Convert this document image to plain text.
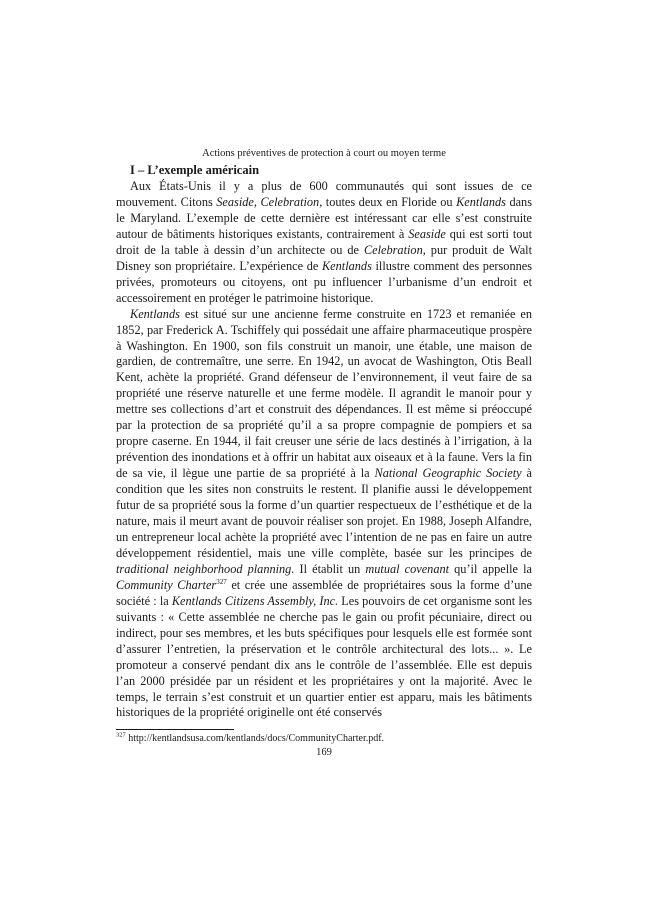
Actions préventives de protection à court ou moyen terme
I – L’exemple américain

Aux États-Unis il y a plus de 600 communautés qui sont issues de ce mouvement. Citons Seaside, Celebration, toutes deux en Floride ou Kentlands dans le Maryland. L’exemple de cette dernière est intéressant car elle s’est construite autour de bâtiments historiques existants, contrairement à Seaside qui est sorti tout droit de la table à dessin d’un architecte ou de Celebration, pur produit de Walt Disney son propriétaire. L’expérience de Kentlands illustre comment des personnes privées, promoteurs ou citoyens, ont pu influencer l’urbanisme d’un endroit et accessoirement en protéger le patrimoine historique.

Kentlands est situé sur une ancienne ferme construite en 1723 et remaniée en 1852, par Frederick A. Tschiffely qui possédait une affaire pharmaceutique prospère à Washington. En 1900, son fils construit un manoir, une étable, une maison de gardien, de contremaître, une serre. En 1942, un avocat de Washington, Otis Beall Kent, achète la propriété. Grand défenseur de l’environnement, il veut faire de sa propriété une réserve naturelle et une ferme modèle. Il agrandit le manoir pour y mettre ses collections d’art et construit des dépendances. Il est même si préoccupé par la protection de sa propriété qu’il a sa propre compagnie de pompiers et sa propre caserne. En 1944, il fait creuser une série de lacs destinés à l’irrigation, à la prévention des inondations et à offrir un habitat aux oiseaux et à la faune. Vers la fin de sa vie, il lègue une partie de sa propriété à la National Geographic Society à condition que les sites non construits le restent. Il planifie aussi le développement futur de sa propriété sous la forme d’un quartier respectueux de l’esthétique et de la nature, mais il meurt avant de pouvoir réaliser son projet. En 1988, Joseph Alfandre, un entrepreneur local achète la propriété avec l’intention de ne pas en faire un autre développement résidentiel, mais une ville complète, basée sur les principes de traditional neighborhood planning. Il établit un mutual covenant qu’il appelle la Community Charter$^{327}$ et crée une assemblée de propriétaires sous la forme d’une société : la Kentlands Citizens Assembly, Inc. Les pouvoirs de cet organisme sont les suivants : « Cette assemblée ne cherche pas le gain ou profit pécuniaire, direct ou indirect, pour ses membres, et les buts spécifiques pour lesquels elle est formée sont d’assurer l’entretien, la préservation et le contrôle architectural des lots... ». Le promoteur a conservé pendant dix ans le contrôle de l’assemblée. Elle est depuis l’an 2000 présidée par un résident et les propriétaires y ont la majorité. Avec le temps, le terrain s’est construit et un quartier entier est apparu, mais les bâtiments historiques de la propriété originelle ont été conservés

$^{327}$ http://kentlandsusa.com/kentlands/docs/CommunityCharter.pdf.
169
